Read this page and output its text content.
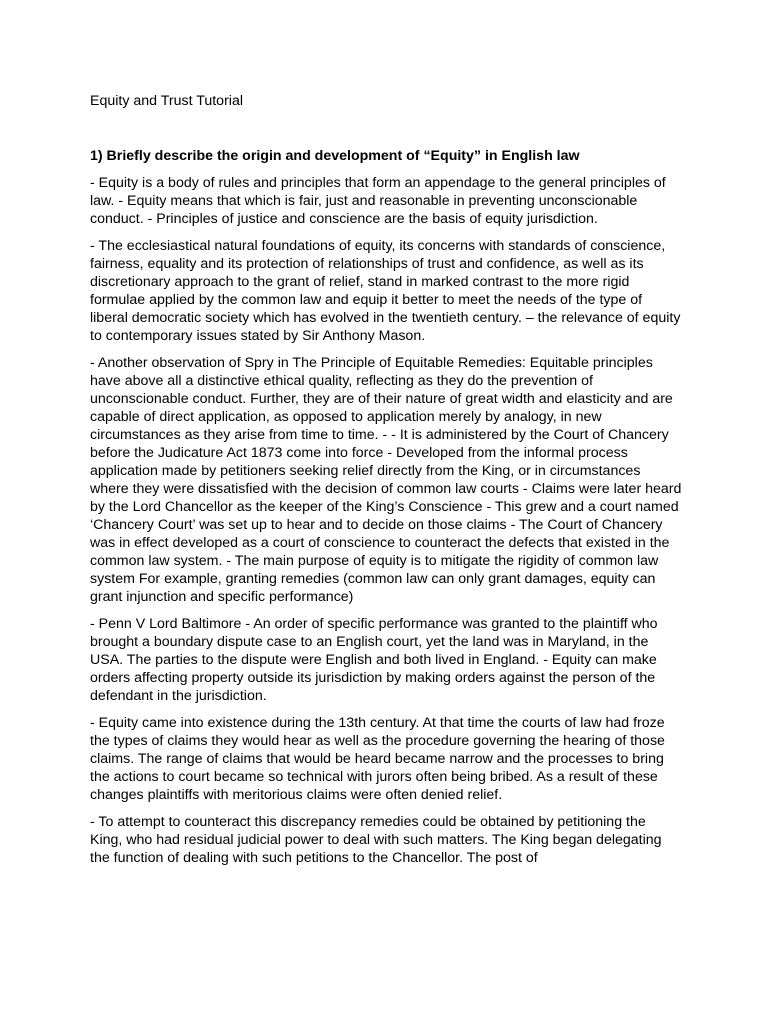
Equity and Trust Tutorial
1) Briefly describe the origin and development of “Equity” in English law

- Equity is a body of rules and principles that form an appendage to the general principles of law. - Equity means that which is fair, just and reasonable in preventing unconscionable conduct. - Principles of justice and conscience are the basis of equity jurisdiction.

- The ecclesiastical natural foundations of equity, its concerns with standards of conscience, fairness, equality and its protection of relationships of trust and confidence, as well as its discretionary approach to the grant of relief, stand in marked contrast to the more rigid formulae applied by the common law and equip it better to meet the needs of the type of liberal democratic society which has evolved in the twentieth century. – the relevance of equity to contemporary issues stated by Sir Anthony Mason.

- Another observation of Spry in The Principle of Equitable Remedies: Equitable principles have above all a distinctive ethical quality, reflecting as they do the prevention of unconscionable conduct. Further, they are of their nature of great width and elasticity and are capable of direct application, as opposed to application merely by analogy, in new circumstances as they arise from time to time. - - It is administered by the Court of Chancery before the Judicature Act 1873 come into force - Developed from the informal process application made by petitioners seeking relief directly from the King, or in circumstances where they were dissatisfied with the decision of common law courts - Claims were later heard by the Lord Chancellor as the keeper of the King’s Conscience - This grew and a court named ‘Chancery Court’ was set up to hear and to decide on those claims - The Court of Chancery was in effect developed as a court of conscience to counteract the defects that existed in the common law system. - The main purpose of equity is to mitigate the rigidity of common law system For example, granting remedies (common law can only grant damages, equity can grant injunction and specific performance)

- Penn V Lord Baltimore - An order of specific performance was granted to the plaintiff who brought a boundary dispute case to an English court, yet the land was in Maryland, in the USA. The parties to the dispute were English and both lived in England. - Equity can make orders affecting property outside its jurisdiction by making orders against the person of the defendant in the jurisdiction.

- Equity came into existence during the 13th century. At that time the courts of law had froze the types of claims they would hear as well as the procedure governing the hearing of those claims. The range of claims that would be heard became narrow and the processes to bring the actions to court became so technical with jurors often being bribed. As a result of these changes plaintiffs with meritorious claims were often denied relief.

- To attempt to counteract this discrepancy remedies could be obtained by petitioning the King, who had residual judicial power to deal with such matters. The King began delegating the function of dealing with such petitions to the Chancellor. The post of
